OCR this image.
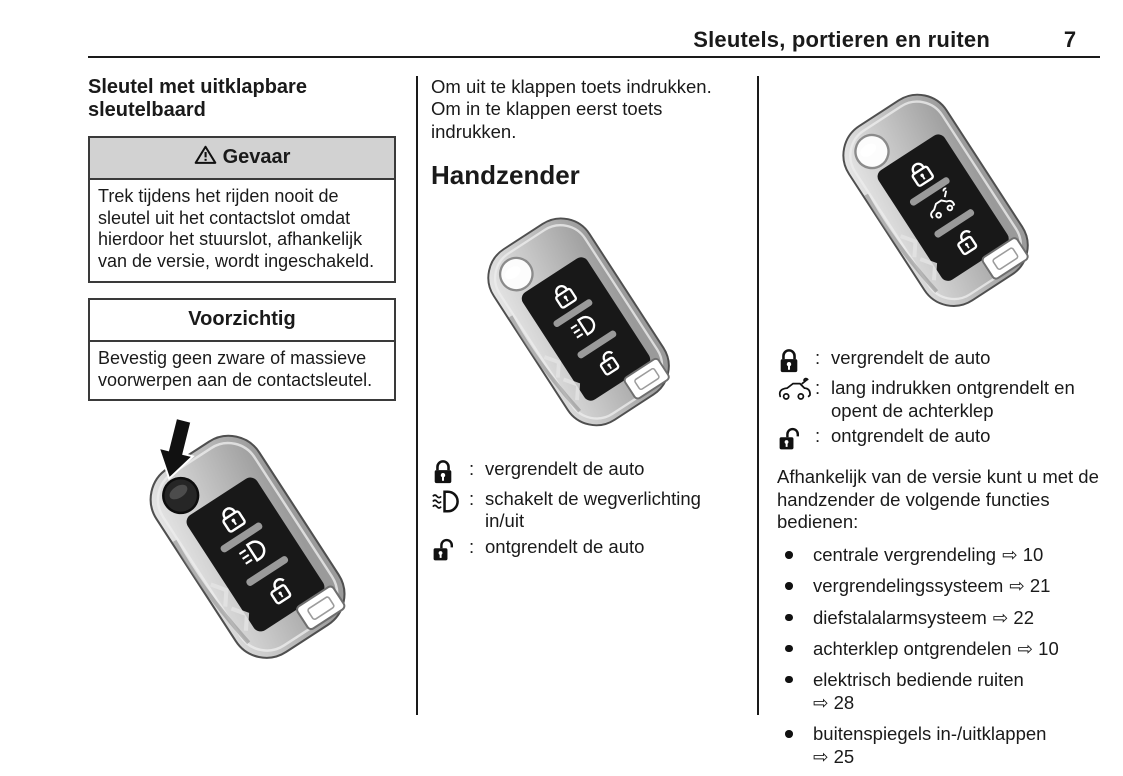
Sleutels, portieren en ruiten	7
Sleutel met uitklapbare sleutelbaard
Gevaar
Trek tijdens het rijden nooit de sleutel uit het contactslot omdat hierdoor het stuurslot, afhankelijk van de versie, wordt ingeschakeld.
Voorzichtig
Bevestig geen zware of massieve voorwerpen aan de contactsleutel.

Om uit te klappen toets indrukken. Om in te klappen eerst toets indrukken.

Handzender
: vergrendelt de auto
: schakelt de wegverlichting in/uit
: ontgrendelt de auto
: vergrendelt de auto
: lang indrukken ontgrendelt en opent de achterklep
: ontgrendelt de auto

Afhankelijk van de versie kunt u met de handzender de volgende functies bedienen:

centrale vergrendeling ⇨ 10
vergrendelingssysteem ⇨ 21
diefstalalarmsysteem ⇨ 22
achterklep ontgrendelen ⇨ 10
elektrisch bediende ruiten
⇨ 28
buitenspiegels in-/uitklappen
⇨ 25
